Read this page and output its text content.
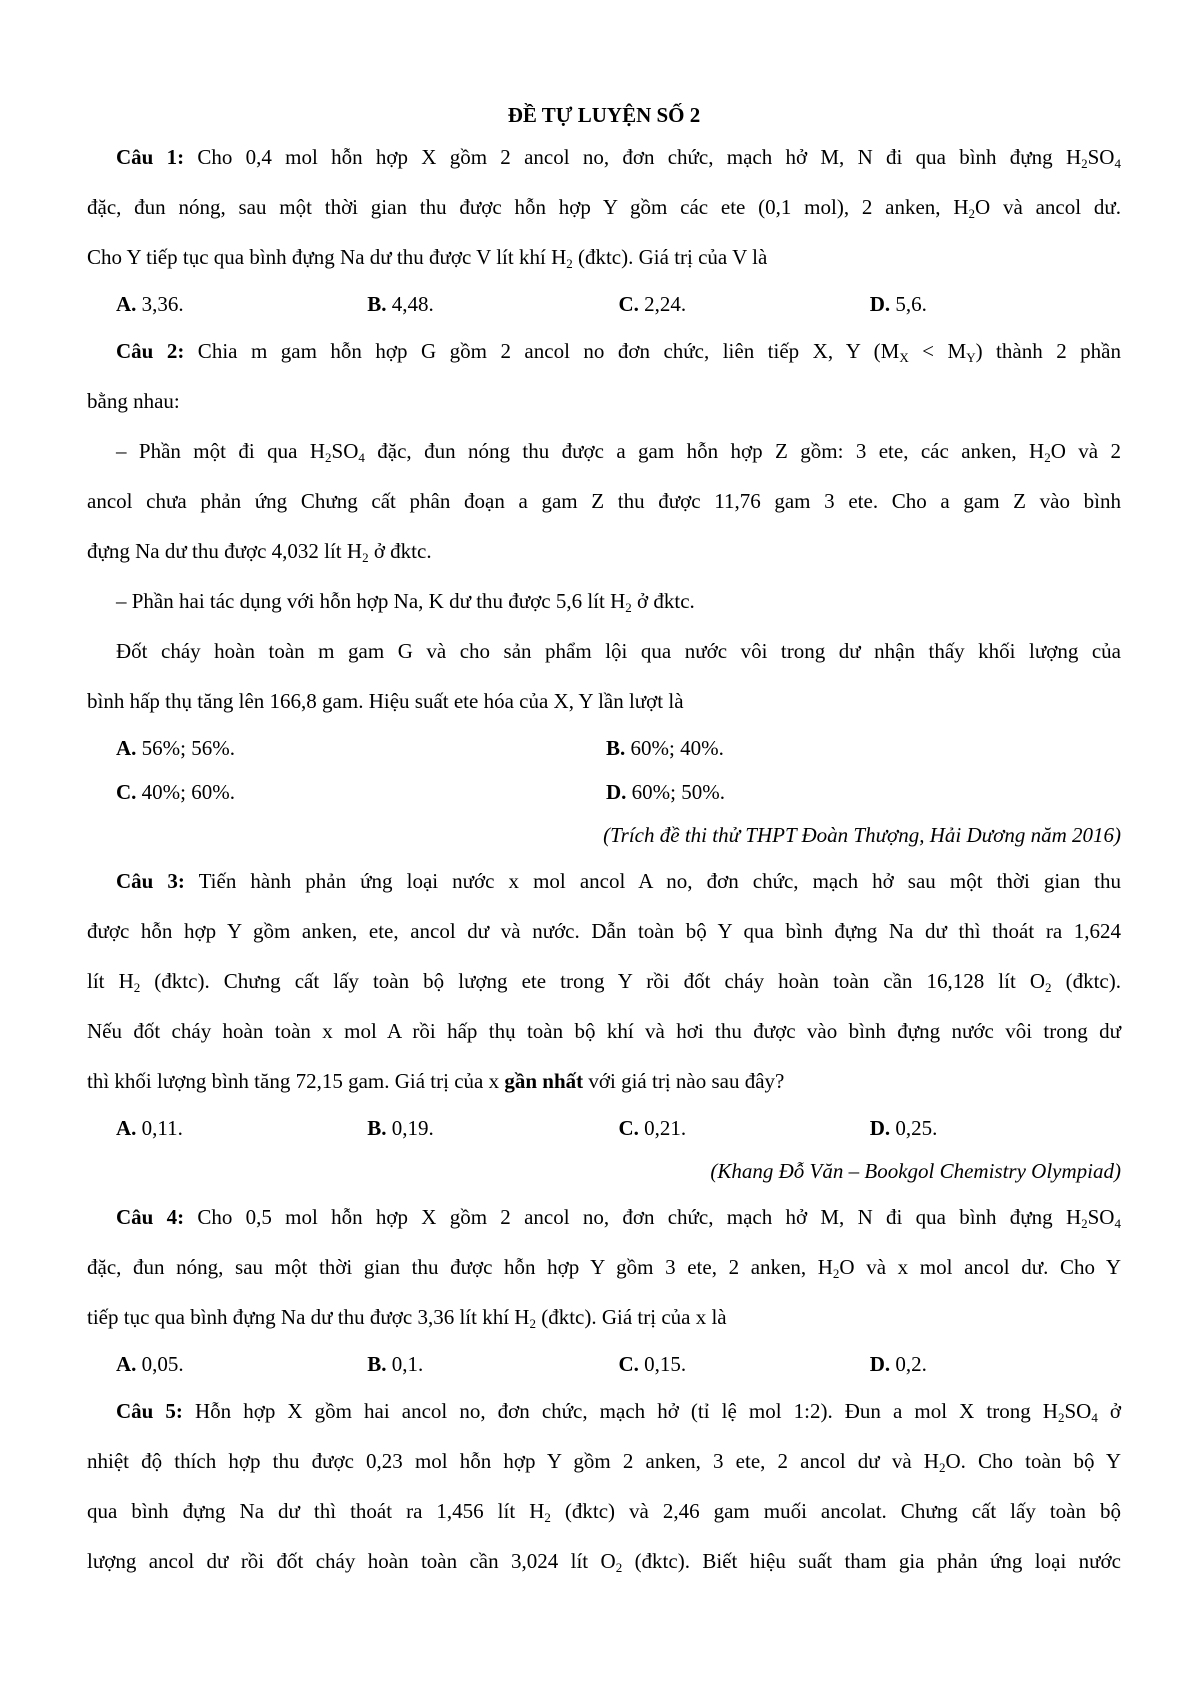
ĐỀ TỰ LUYỆN SỐ 2

Câu 1: Cho 0,4 mol hỗn hợp X gồm 2 ancol no, đơn chức, mạch hở M, N đi qua bình đựng $H_2SO_4$

đặc, đun nóng, sau một thời gian thu được hỗn hợp Y gồm các ete (0,1 mol), 2 anken, $H_2O$ và ancol dư.

Cho Y tiếp tục qua bình đựng Na dư thu được V lít khí $H_2$ (đktc). Giá trị của V là

A. 3,36.	B. 4,48.	C. 2,24.	D. 5,6.

Câu 2: Chia m gam hỗn hợp G gồm 2 ancol no đơn chức, liên tiếp X, Y $(M_X < M_Y)$ thành 2 phần

bằng nhau:

– Phần một đi qua $H_2SO_4$ đặc, đun nóng thu được a gam hỗn hợp Z gồm: 3 ete, các anken, $H_2O$ và 2

ancol chưa phản ứng Chưng cất phân đoạn a gam Z thu được 11,76 gam 3 ete. Cho a gam Z vào bình

đựng Na dư thu được 4,032 lít $H_2$ ở đktc.

– Phần hai tác dụng với hỗn hợp Na, K dư thu được 5,6 lít $H_2$ ở đktc.

Đốt cháy hoàn toàn m gam G và cho sản phẩm lội qua nước vôi trong dư nhận thấy khối lượng của

bình hấp thụ tăng lên 166,8 gam. Hiệu suất ete hóa của X, Y lần lượt là

A. 56%; 56%.	B. 60%; 40%.
C. 40%; 60%.	D. 60%; 50%.
(Trích đề thi thử THPT Đoàn Thượng, Hải Dương năm 2016)

Câu 3: Tiến hành phản ứng loại nước x mol ancol A no, đơn chức, mạch hở sau một thời gian thu

được hỗn hợp Y gồm anken, ete, ancol dư và nước. Dẫn toàn bộ Y qua bình đựng Na dư thì thoát ra 1,624

lít $H_2$ (đktc). Chưng cất lấy toàn bộ lượng ete trong Y rồi đốt cháy hoàn toàn cần 16,128 lít $O_2$ (đktc).

Nếu đốt cháy hoàn toàn x mol A rồi hấp thụ toàn bộ khí và hơi thu được vào bình đựng nước vôi trong dư

thì khối lượng bình tăng 72,15 gam. Giá trị của x gần nhất với giá trị nào sau đây?

A. 0,11.	B. 0,19.	C. 0,21.	D. 0,25.
(Khang Đỗ Văn – Bookgol Chemistry Olympiad)

Câu 4: Cho 0,5 mol hỗn hợp X gồm 2 ancol no, đơn chức, mạch hở M, N đi qua bình đựng $H_2SO_4$

đặc, đun nóng, sau một thời gian thu được hỗn hợp Y gồm 3 ete, 2 anken, $H_2O$ và x mol ancol dư. Cho Y

tiếp tục qua bình đựng Na dư thu được 3,36 lít khí $H_2$ (đktc). Giá trị của x là

A. 0,05.	B. 0,1.	C. 0,15.	D. 0,2.

Câu 5: Hỗn hợp X gồm hai ancol no, đơn chức, mạch hở (tỉ lệ mol 1:2). Đun a mol X trong $H_2SO_4$ ở

nhiệt độ thích hợp thu được 0,23 mol hỗn hợp Y gồm 2 anken, 3 ete, 2 ancol dư và $H_2O$. Cho toàn bộ Y

qua bình đựng Na dư thì thoát ra 1,456 lít $H_2$ (đktc) và 2,46 gam muối ancolat. Chưng cất lấy toàn bộ

lượng ancol dư rồi đốt cháy hoàn toàn cần 3,024 lít $O_2$ (đktc). Biết hiệu suất tham gia phản ứng loại nước
